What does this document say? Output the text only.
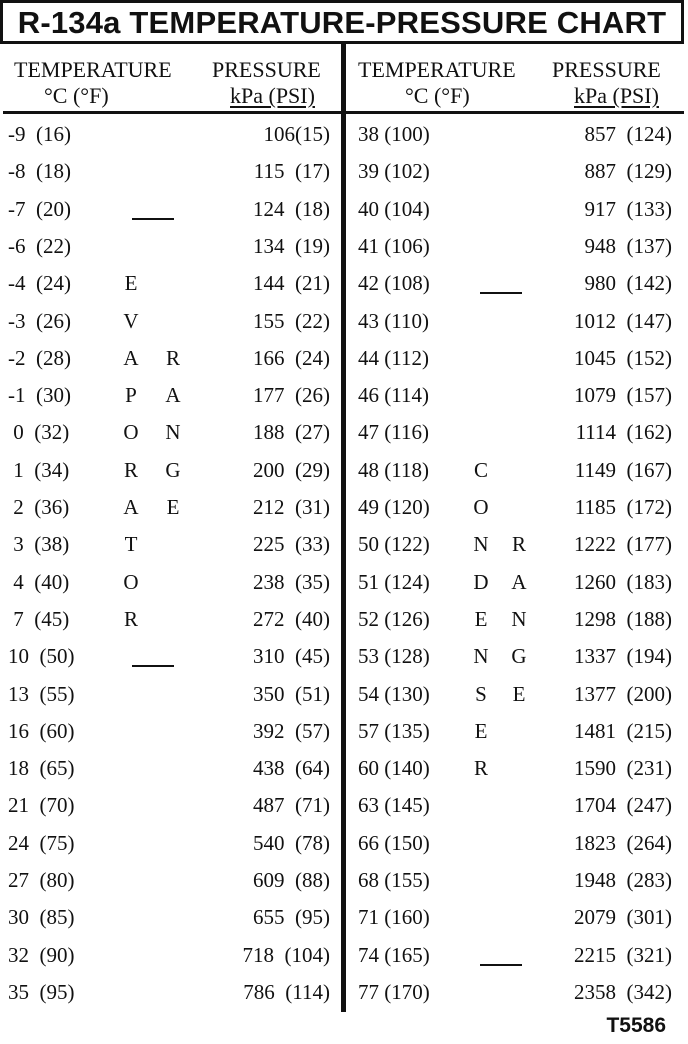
R-134a TEMPERATURE-PRESSURE CHART
TEMPERATURE
°C (°F)
PRESSURE
kPa (PSI)
TEMPERATURE
°C (°F)
PRESSURE
kPa (PSI)
-9  (16)	106(15) 38 (100)	857  (124)
-8  (18)	115  (17) 39 (102)	887  (129)
-7  (20)	124  (18) 40 (104)	917  (133)
-6  (22)	134  (19) 41 (106)	948  (137)
-4  (24)	144  (21) 42 (108)	980  (142)
-3  (26)	155  (22) 43 (110)	1012  (147)
-2  (28)	166  (24) 44 (112)	1045  (152)
-1  (30)	177  (26) 46 (114)	1079  (157)
0  (32)	188  (27) 47 (116)	1114  (162)
1  (34)	200  (29) 48 (118)	1149  (167)
2  (36)	212  (31) 49 (120)	1185  (172)
3  (38)	225  (33) 50 (122)	1222  (177)
4  (40)	238  (35) 51 (124)	1260  (183)
7  (45)	272  (40) 52 (126)	1298  (188)
10  (50)	310  (45) 53 (128)	1337  (194)
13  (55)	350  (51) 54 (130)	1377  (200)
16  (60)	392  (57) 57 (135)	1481  (215)
18  (65)	438  (64) 60 (140)	1590  (231)
21  (70)	487  (71) 63 (145)	1704  (247)
24  (75)	540  (78) 66 (150)	1823  (264)
27  (80)	609  (88) 68 (155)	1948  (283)
30  (85)	655  (95) 71 (160)	2079  (301)
32  (90)	718  (104) 74 (165)	2215  (321)
35  (95)	786  (114) 77 (170)	2358  (342)
E
V
A
P
O
R
A
T
O
R
C
O
N
D
E
N
S
E
R
R
A
N
G
E
R
A
N
G
E
T5586
